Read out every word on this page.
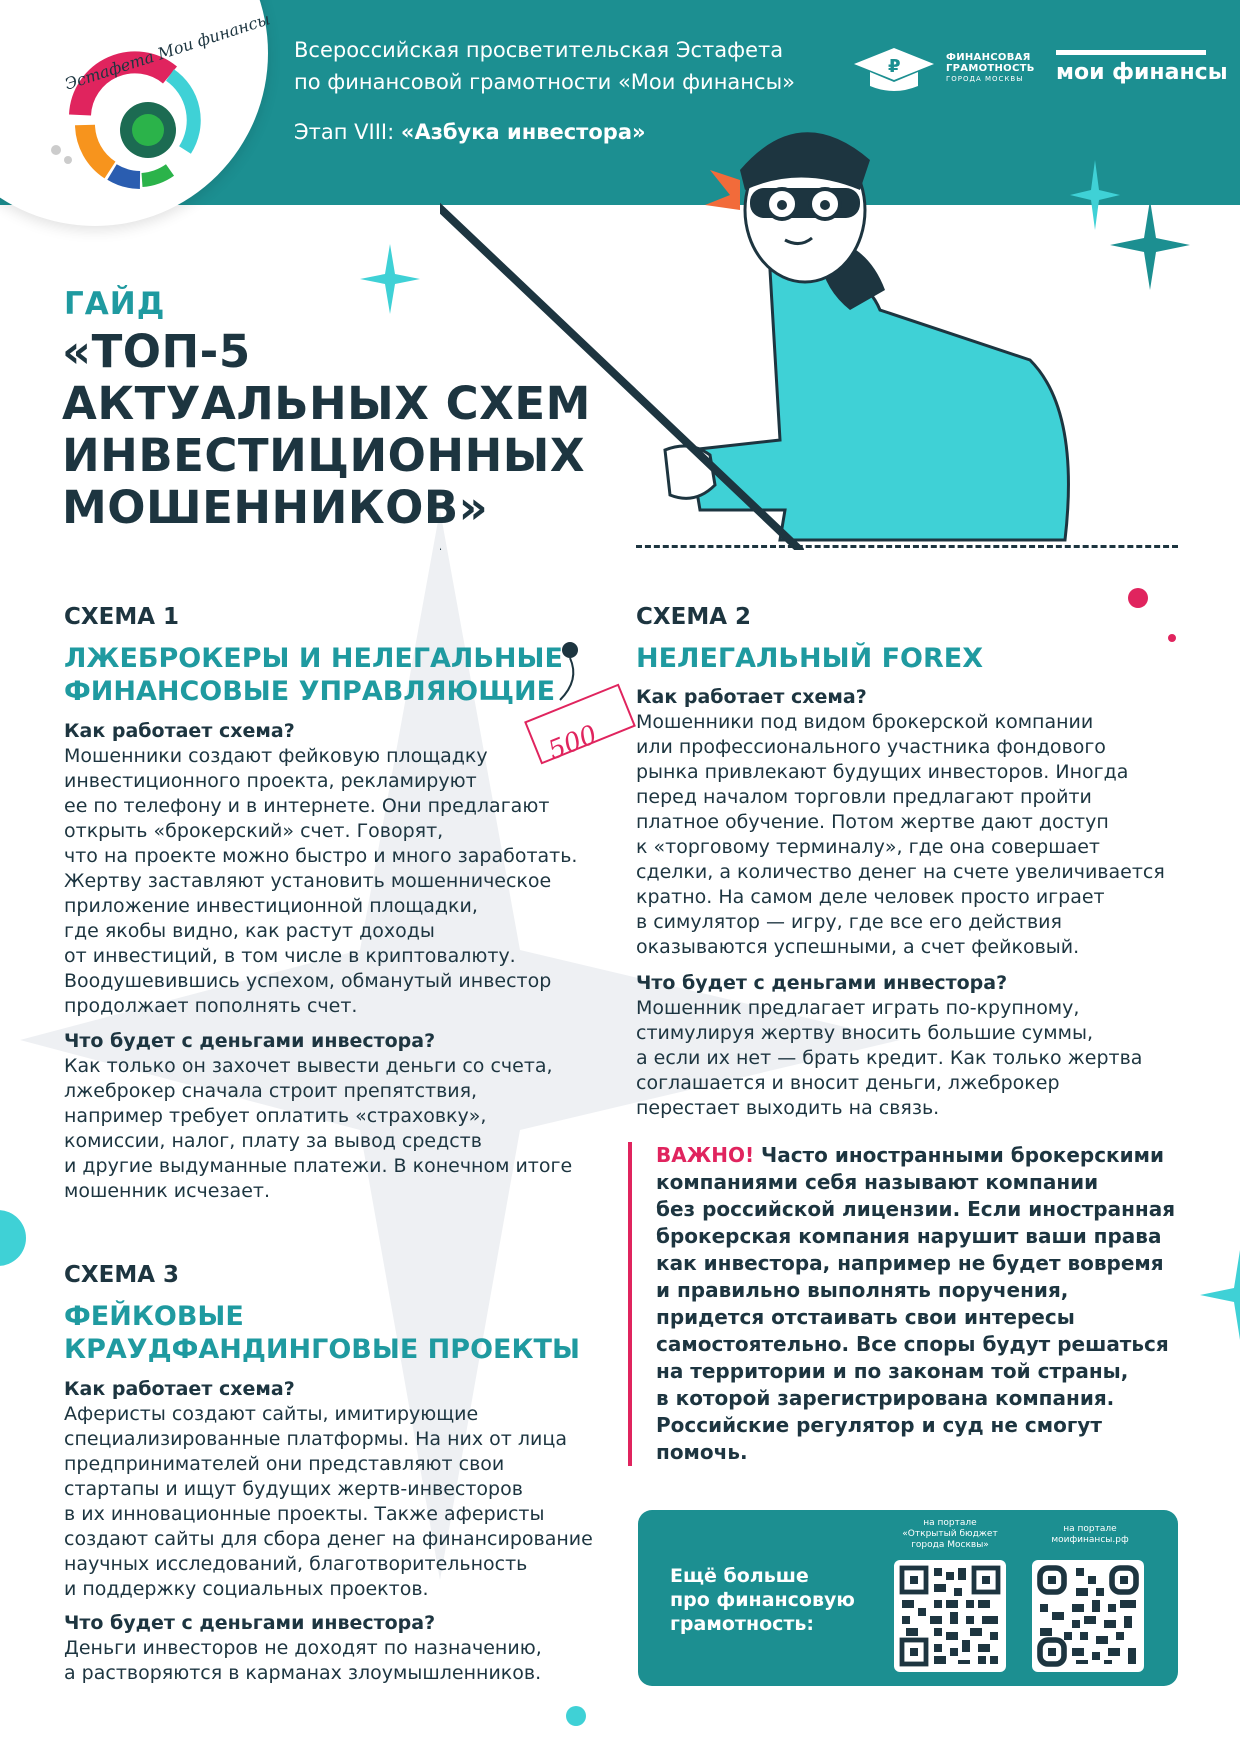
Эстафета Мои финансы Всероссийская просветительская Эстафета
по финансовой грамотности «Мои финансы»
Этап VIII: «Азбука инвестора»
₽	ФИНАНСОВАЯ
ГРАМОТНОСТЬ
ГОРОДА МОСКВЫ	мои финансы
500
ГАЙД
«ТОП-5
АКТУАЛЬНЫХ СХЕМ
ИНВЕСТИЦИОННЫХ
МОШЕННИКОВ»
СХЕМА 1
ЛЖЕБРОКЕРЫ И НЕЛЕГАЛЬНЫЕ
ФИНАНСОВЫЕ УПРАВЛЯЮЩИЕ
Как работает схема?
Мошенники создают фейковую площадку
инвестиционного проекта, рекламируют
ее по телефону и в интернете. Они предлагают
открыть «брокерский» счет. Говорят,
что на проекте можно быстро и много заработать.
Жертву заставляют установить мошенническое
приложение инвестиционной площадки,
где якобы видно, как растут доходы
от инвестиций, в том числе в криптовалюту.
Воодушевившись успехом, обманутый инвестор
продолжает пополнять счет.
Что будет с деньгами инвестора?
Как только он захочет вывести деньги со счета,
лжеброкер сначала строит препятствия,
например требует оплатить «страховку»,
комиссии, налог, плату за вывод средств
и другие выдуманные платежи. В конечном итоге
мошенник исчезает.
СХЕМА 2
НЕЛЕГАЛЬНЫЙ FOREX
Как работает схема?
Мошенники под видом брокерской компании
или профессионального участника фондового
рынка привлекают будущих инвесторов. Иногда
перед началом торговли предлагают пройти
платное обучение. Потом жертве дают доступ
к «торговому терминалу», где она совершает
сделки, а количество денег на счете увеличивается
кратно. На самом деле человек просто играет
в симулятор — игру, где все его действия
оказываются успешными, а счет фейковый.
Что будет с деньгами инвестора?
Мошенник предлагает играть по-крупному,
стимулируя жертву вносить большие суммы,
а если их нет — брать кредит. Как только жертва
соглашается и вносит деньги, лжеброкер
перестает выходить на связь.
ВАЖНО! Часто иностранными брокерскими
компаниями себя называют компании
без российской лицензии. Если иностранная
брокерская компания нарушит ваши права
как инвестора, например не будет вовремя
и правильно выполнять поручения,
придется отстаивать свои интересы
самостоятельно. Все споры будут решаться
на территории и по законам той страны,
в которой зарегистрирована компания.
Российские регулятор и суд не смогут
помочь.
СХЕМА 3
ФЕЙКОВЫЕ
КРАУДФАНДИНГОВЫЕ ПРОЕКТЫ
Как работает схема?
Аферисты создают сайты, имитирующие
специализированные платформы. На них от лица
предпринимателей они представляют свои
стартапы и ищут будущих жертв-инвесторов
в их инновационные проекты. Также аферисты
создают сайты для сбора денег на финансирование
научных исследований, благотворительность
и поддержку социальных проектов.
Что будет с деньгами инвестора?
Деньги инвесторов не доходят по назначению,
а растворяются в карманах злоумышленников.
Ещё больше
про финансовую
грамотность:
на портале
«Открытый бюджет
города Москвы»
на портале
моифинансы.рф
